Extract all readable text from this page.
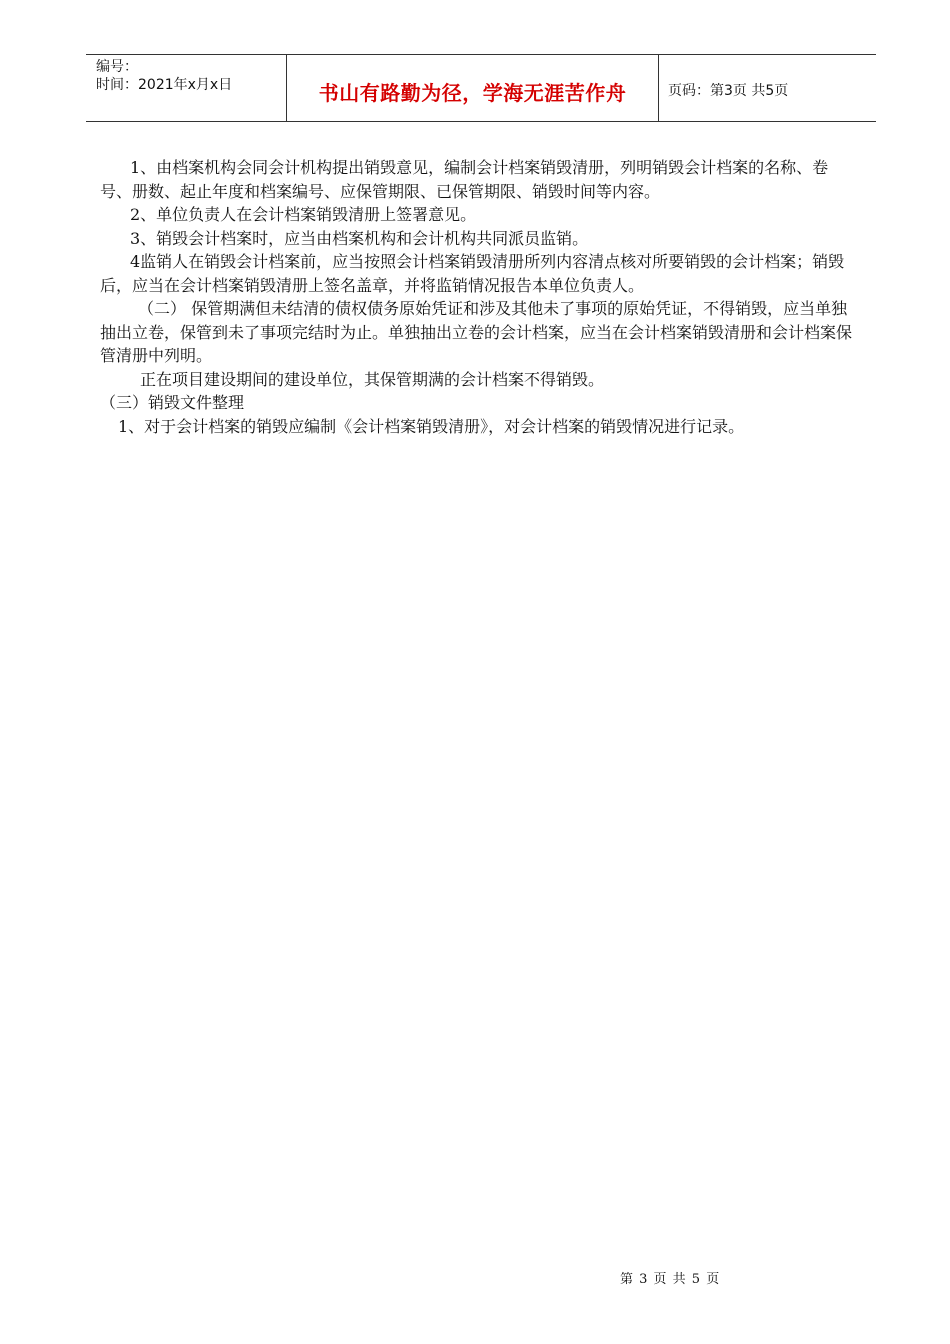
编号：
时间：2021年x月x日	书山有路勤为径，学海无涯苦作舟	页码：第3页 共5页

1、由档案机构会同会计机构提出销毁意见，编制会计档案销毁清册，列明销毁会计档案的名称、卷号、册数、起止年度和档案编号、应保管期限、已保管期限、销毁时间等内容。

2、单位负责人在会计档案销毁清册上签署意见。

3、销毁会计档案时，应当由档案机构和会计机构共同派员监销。

4监销人在销毁会计档案前，应当按照会计档案销毁清册所列内容清点核对所要销毁的会计档案；销毁后，应当在会计档案销毁清册上签名盖章，并将监销情况报告本单位负责人。

（二） 保管期满但未结清的债权债务原始凭证和涉及其他未了事项的原始凭证，不得销毁，应当单独抽出立卷，保管到未了事项完结时为止。单独抽出立卷的会计档案，应当在会计档案销毁清册和会计档案保管清册中列明。

正在项目建设期间的建设单位，其保管期满的会计档案不得销毁。

（三）销毁文件整理

1、对于会计档案的销毁应编制《会计档案销毁清册》，对会计档案的销毁情况进行记录。

第 3 页 共 5 页
